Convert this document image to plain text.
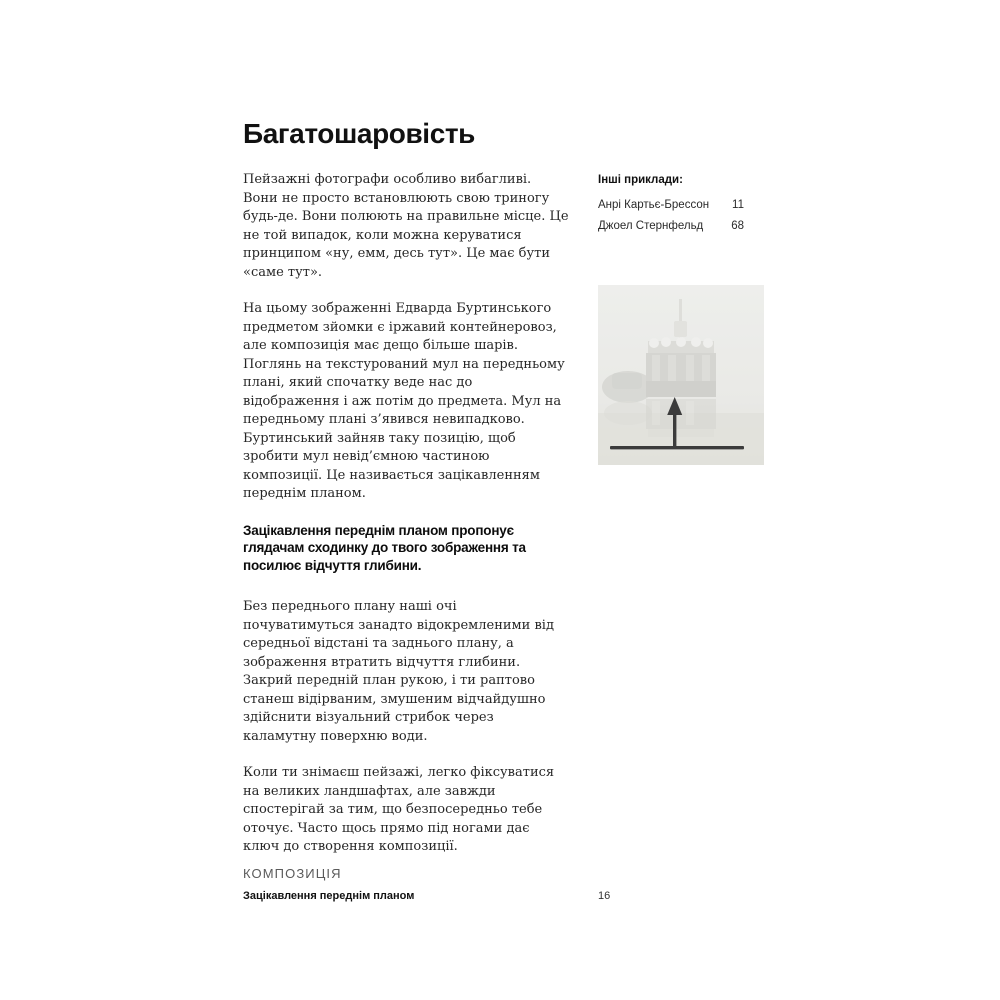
Багатошаровість

Пейзажні фотографи особливо вибагливі. Вони не просто встановлюють свою триногу будь-де. Вони полюють на правильне місце. Це не той випадок, коли можна керуватися принципом «ну, емм, десь тут». Це має бути «саме тут».

На цьому зображенні Едварда Буртинського предметом зйомки є іржавий контейнеровоз, але композиція має дещо більше шарів. Поглянь на текстурований мул на передньому плані, який спочатку веде нас до відображення і аж потім до предмета. Мул на передньому плані з’явився невипадково. Буртинський зайняв таку позицію, щоб зробити мул невід’ємною частиною композиції. Це називається зацікавленням переднім планом.

Зацікавлення переднім планом пропонує глядачам сходинку до твого зображення та посилює відчуття глибини.

Без переднього плану наші очі почуватимуться занадто відокремленими від середньої відстані та заднього плану, а зображення втратить відчуття глибини. Закрий передній план рукою, і ти раптово станеш відірваним, змушеним відчайдушно здійснити візуальний стрибок через каламутну поверхню води.

Коли ти знімаєш пейзажі, легко фіксуватися на великих ландшафтах, але завжди спостерігай за тим, що безпосередньо тебе оточує. Часто щось прямо під ногами дає ключ до створення композиції.

Інші приклади:
Анрі Картьє-Брессон 11
Джоел Стернфельд 68
КОМПОЗИЦІЯ
Зацікавлення переднім планом	16
